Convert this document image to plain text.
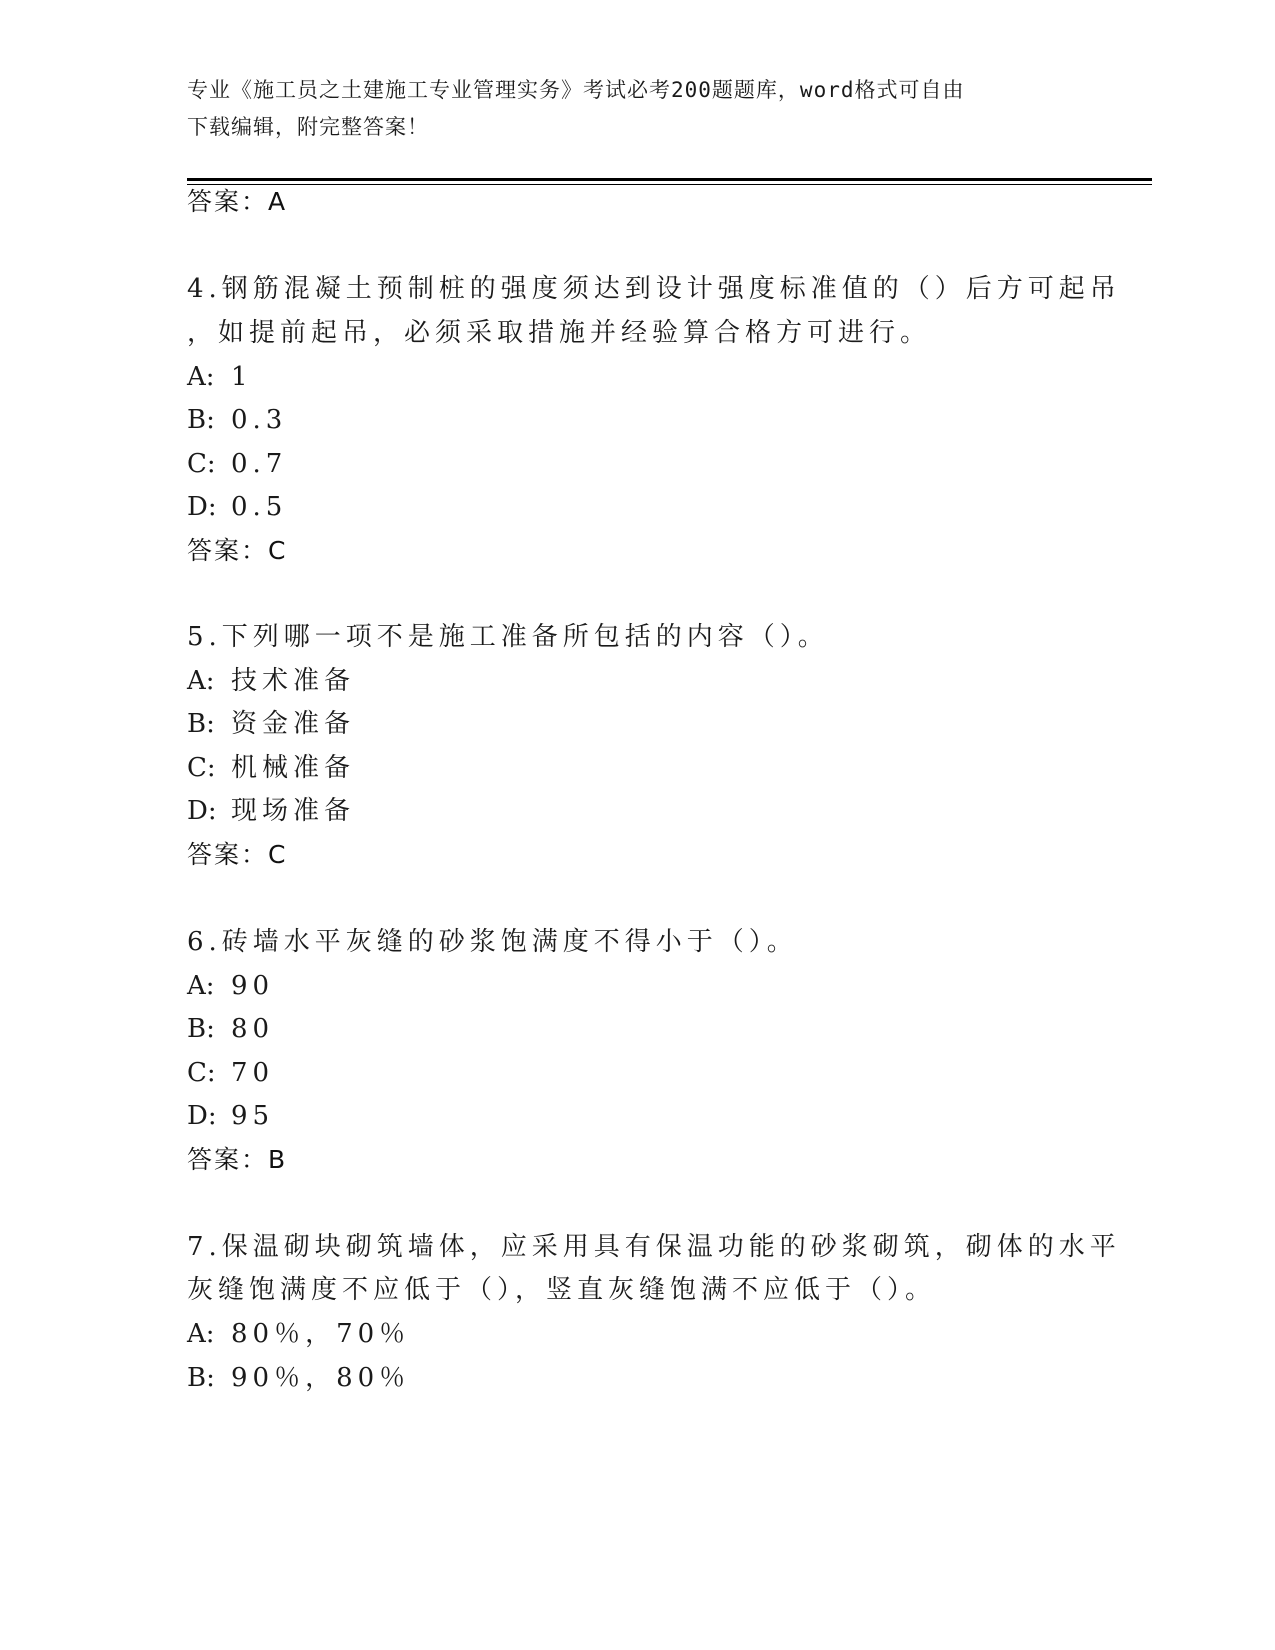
专业《施工员之土建施工专业管理实务》考试必考200题题库，word格式可自由
下载编辑，附完整答案！
答案：A
4.钢筋混凝土预制桩的强度须达到设计强度标准值的（）后方可起吊
，如提前起吊，必须采取措施并经验算合格方可进行。
A: 1
B: 0.3
C: 0.7
D: 0.5
答案：C
5.下列哪一项不是施工准备所包括的内容（）。
A: 技术准备
B: 资金准备
C: 机械准备
D: 现场准备
答案：C
6.砖墙水平灰缝的砂浆饱满度不得小于（）。
A: 90
B: 80
C: 70
D: 95
答案：B
7.保温砌块砌筑墙体，应采用具有保温功能的砂浆砌筑，砌体的水平
灰缝饱满度不应低于（），竖直灰缝饱满不应低于（）。
A: 80％，70％
B: 90％，80％
